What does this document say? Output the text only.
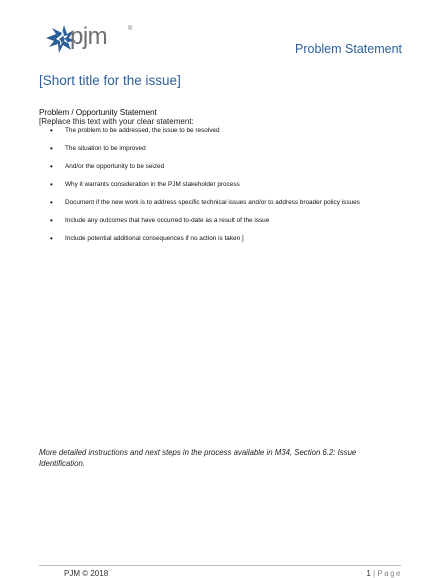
pjm	®
Problem Statement
[Short title for the issue]
Problem / Opportunity Statement
[Replace this text with your clear statement:
• The problem to be addressed, the issue to be resolved
• The situation to be improved
• And/or the opportunity to be seized
• Why it warrants consideration in the PJM stakeholder process
• Document if the new work is to address specific technical issues and/or to address broader policy issues
• Include any outcomes that have occurred to-date as a result of the issue
• Include potential additional consequences if no action is taken ]
More detailed instructions and next steps in the process available in M34, Section 6.2: Issue Identification.
PJM © 2018	1 | Page
